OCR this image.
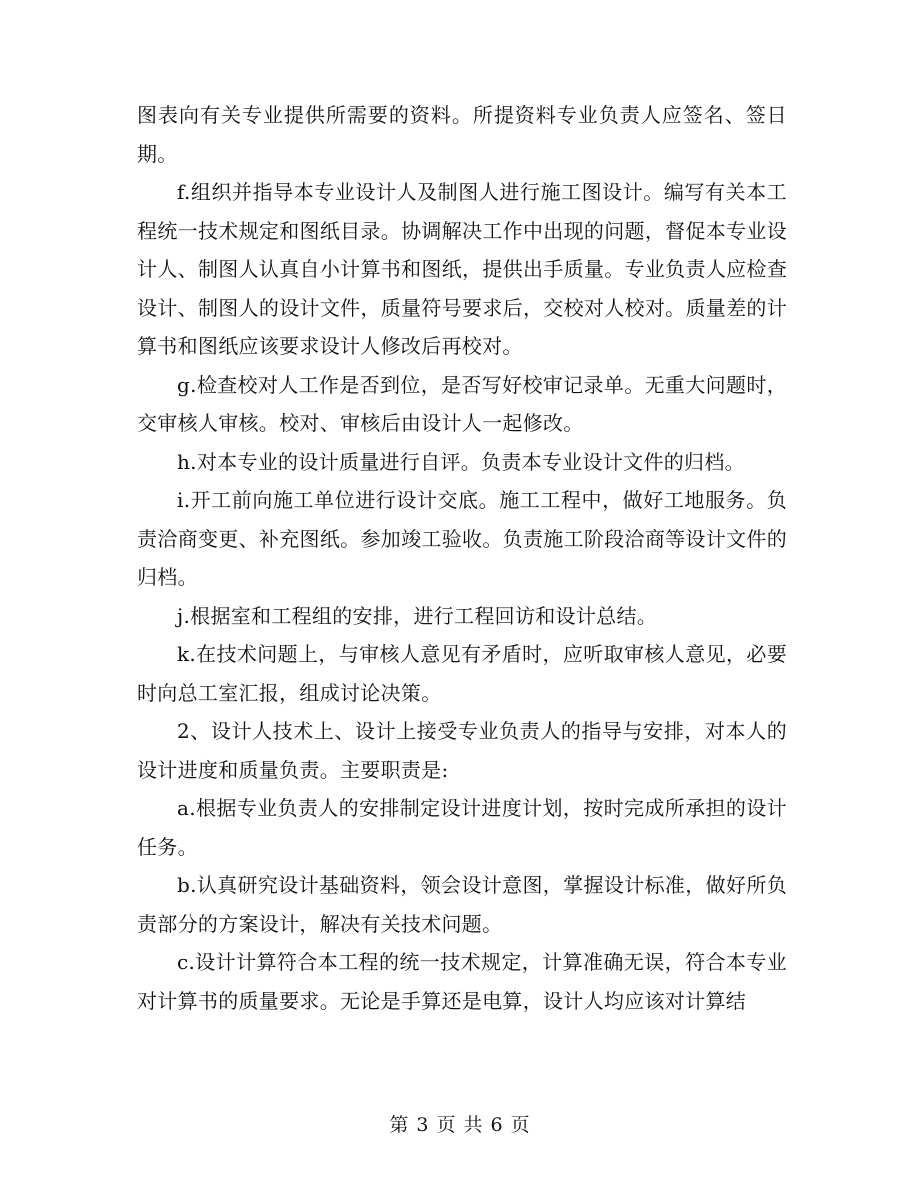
图表向有关专业提供所需要的资料。所提资料专业负责人应签名、签日期。

f.组织并指导本专业设计人及制图人进行施工图设计。编写有关本工程统一技术规定和图纸目录。协调解决工作中出现的问题，督促本专业设计人、制图人认真自小计算书和图纸，提供出手质量。专业负责人应检查设计、制图人的设计文件，质量符号要求后，交校对人校对。质量差的计算书和图纸应该要求设计人修改后再校对。

g.检查校对人工作是否到位，是否写好校审记录单。无重大问题时，交审核人审核。校对、审核后由设计人一起修改。

h.对本专业的设计质量进行自评。负责本专业设计文件的归档。

i.开工前向施工单位进行设计交底。施工工程中，做好工地服务。负责洽商变更、补充图纸。参加竣工验收。负责施工阶段洽商等设计文件的归档。

j.根据室和工程组的安排，进行工程回访和设计总结。

k.在技术问题上，与审核人意见有矛盾时，应听取审核人意见，必要时向总工室汇报，组成讨论决策。

2、设计人技术上、设计上接受专业负责人的指导与安排，对本人的设计进度和质量负责。主要职责是:

a.根据专业负责人的安排制定设计进度计划，按时完成所承担的设计任务。

b.认真研究设计基础资料，领会设计意图，掌握设计标准，做好所负责部分的方案设计，解决有关技术问题。

c.设计计算符合本工程的统一技术规定，计算准确无误，符合本专业对计算书的质量要求。无论是手算还是电算，设计人均应该对计算结

第 3 页 共 6 页
